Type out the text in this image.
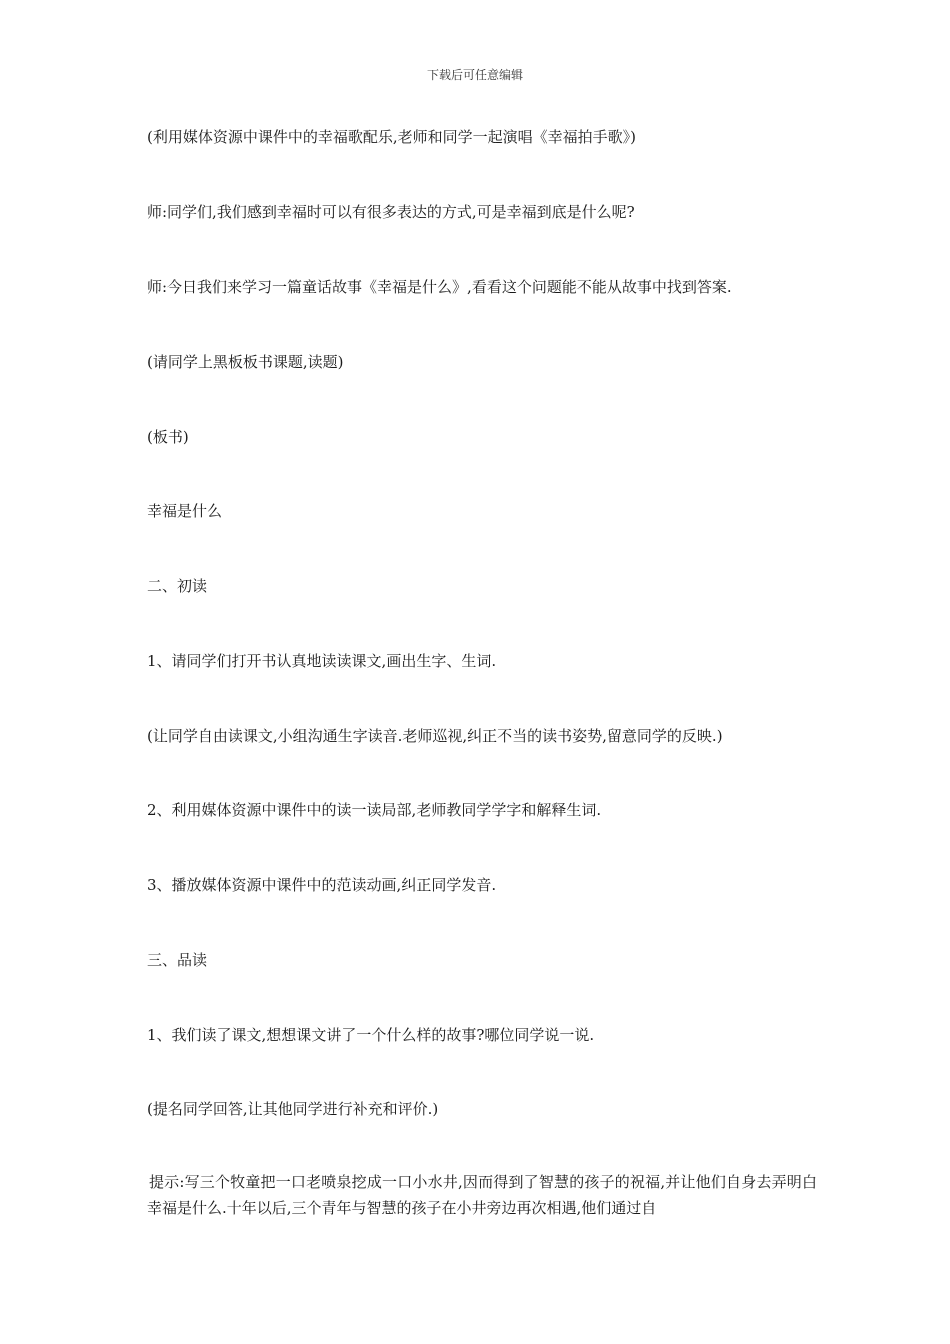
下载后可任意编辑
(利用媒体资源中课件中的幸福歌配乐,老师和同学一起演唱《幸福拍手歌》)
师:同学们,我们感到幸福时可以有很多表达的方式,可是幸福到底是什么呢?
师:今日我们来学习一篇童话故事《幸福是什么》,看看这个问题能不能从故事中找到答案.
(请同学上黑板板书课题,读题)
(板书)
幸福是什么
二、初读
1、请同学们打开书认真地读读课文,画出生字、生词.
(让同学自由读课文,小组沟通生字读音.老师巡视,纠正不当的读书姿势,留意同学的反映.)
2、利用媒体资源中课件中的读一读局部,老师教同学学字和解释生词.
3、播放媒体资源中课件中的范读动画,纠正同学发音.
三、品读
1、我们读了课文,想想课文讲了一个什么样的故事?哪位同学说一说.
(提名同学回答,让其他同学进行补充和评价.)
提示:写三个牧童把一口老喷泉挖成一口小水井,因而得到了智慧的孩子的祝福,并让他们自身去弄明白幸福是什么.十年以后,三个青年与智慧的孩子在小井旁边再次相遇,他们通过自
